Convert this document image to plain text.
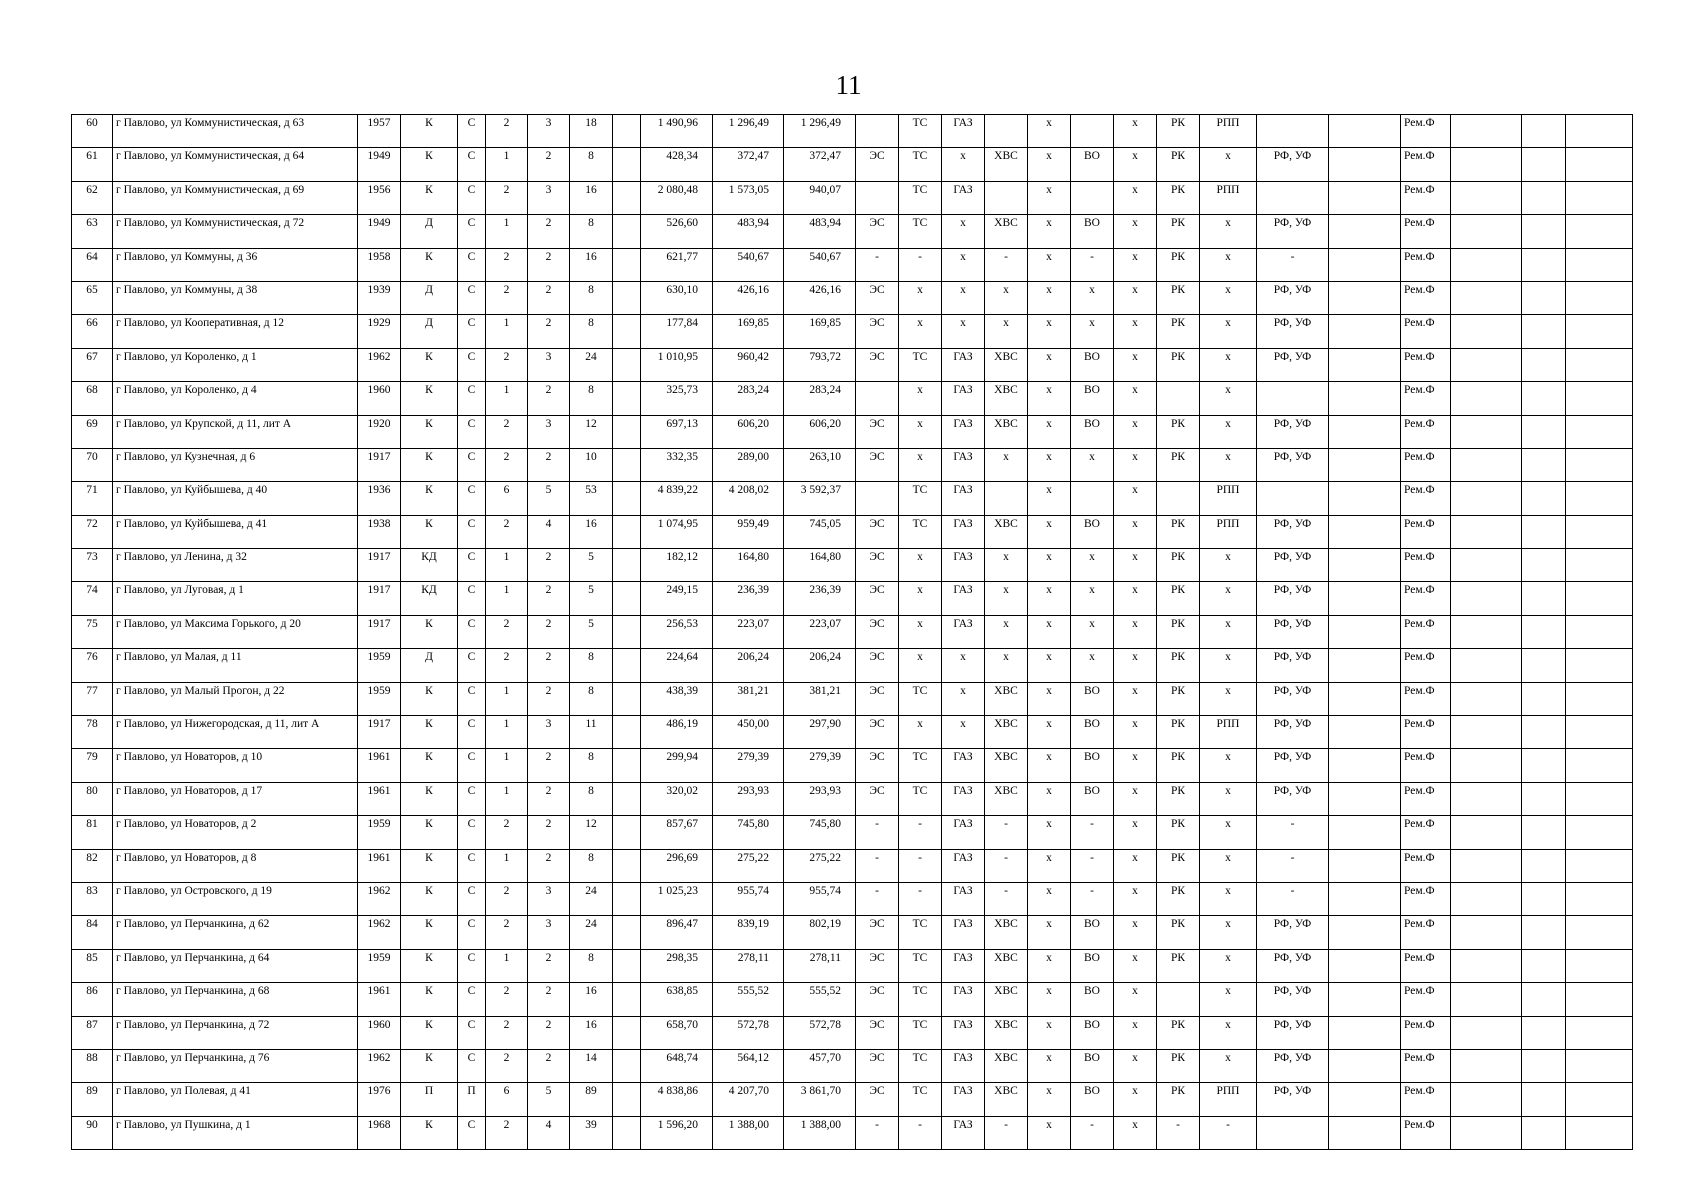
11
60	г Павлово, ул Коммунистическая, д 63	1957	К	С	2	3	18		1 490,96	1 296,49	1 296,49		ТС	ГАЗ		х		х	РК	РПП			Рем.Ф			
61	г Павлово, ул Коммунистическая, д 64	1949	К	С	1	2	8		428,34	372,47	372,47	ЭС	ТС	х	ХВС	х	ВО	х	РК	х	РФ, УФ		Рем.Ф			
62	г Павлово, ул Коммунистическая, д 69	1956	К	С	2	3	16		2 080,48	1 573,05	940,07		ТС	ГАЗ		х		х	РК	РПП			Рем.Ф			
63	г Павлово, ул Коммунистическая, д 72	1949	Д	С	1	2	8		526,60	483,94	483,94	ЭС	ТС	х	ХВС	х	ВО	х	РК	х	РФ, УФ		Рем.Ф			
64	г Павлово, ул Коммуны, д 36	1958	К	С	2	2	16		621,77	540,67	540,67	-	-	х	-	х	-	х	РК	х	-		Рем.Ф			
65	г Павлово, ул Коммуны, д 38	1939	Д	С	2	2	8		630,10	426,16	426,16	ЭС	х	х	х	х	х	х	РК	х	РФ, УФ		Рем.Ф			
66	г Павлово, ул Кооперативная, д 12	1929	Д	С	1	2	8		177,84	169,85	169,85	ЭС	х	х	х	х	х	х	РК	х	РФ, УФ		Рем.Ф			
67	г Павлово, ул Короленко, д 1	1962	К	С	2	3	24		1 010,95	960,42	793,72	ЭС	ТС	ГАЗ	ХВС	х	ВО	х	РК	х	РФ, УФ		Рем.Ф			
68	г Павлово, ул Короленко, д 4	1960	К	С	1	2	8		325,73	283,24	283,24		х	ГАЗ	ХВС	х	ВО	х		х			Рем.Ф			
69	г Павлово, ул Крупской, д 11, лит А	1920	К	С	2	3	12		697,13	606,20	606,20	ЭС	х	ГАЗ	ХВС	х	ВО	х	РК	х	РФ, УФ		Рем.Ф			
70	г Павлово, ул Кузнечная, д 6	1917	К	С	2	2	10		332,35	289,00	263,10	ЭС	х	ГАЗ	х	х	х	х	РК	х	РФ, УФ		Рем.Ф			
71	г Павлово, ул Куйбышева, д 40	1936	К	С	6	5	53		4 839,22	4 208,02	3 592,37		ТС	ГАЗ		х		х		РПП			Рем.Ф			
72	г Павлово, ул Куйбышева, д 41	1938	К	С	2	4	16		1 074,95	959,49	745,05	ЭС	ТС	ГАЗ	ХВС	х	ВО	х	РК	РПП	РФ, УФ		Рем.Ф			
73	г Павлово, ул Ленина, д 32	1917	КД	С	1	2	5		182,12	164,80	164,80	ЭС	х	ГАЗ	х	х	х	х	РК	х	РФ, УФ		Рем.Ф			
74	г Павлово, ул Луговая, д 1	1917	КД	С	1	2	5		249,15	236,39	236,39	ЭС	х	ГАЗ	х	х	х	х	РК	х	РФ, УФ		Рем.Ф			
75	г Павлово, ул Максима Горького, д 20	1917	К	С	2	2	5		256,53	223,07	223,07	ЭС	х	ГАЗ	х	х	х	х	РК	х	РФ, УФ		Рем.Ф			
76	г Павлово, ул Малая, д 11	1959	Д	С	2	2	8		224,64	206,24	206,24	ЭС	х	х	х	х	х	х	РК	х	РФ, УФ		Рем.Ф			
77	г Павлово, ул Малый Прогон, д 22	1959	К	С	1	2	8		438,39	381,21	381,21	ЭС	ТС	х	ХВС	х	ВО	х	РК	х	РФ, УФ		Рем.Ф			
78	г Павлово, ул Нижегородская, д 11, лит А	1917	К	С	1	3	11		486,19	450,00	297,90	ЭС	х	х	ХВС	х	ВО	х	РК	РПП	РФ, УФ		Рем.Ф			
79	г Павлово, ул Новаторов, д 10	1961	К	С	1	2	8		299,94	279,39	279,39	ЭС	ТС	ГАЗ	ХВС	х	ВО	х	РК	х	РФ, УФ		Рем.Ф			
80	г Павлово, ул Новаторов, д 17	1961	К	С	1	2	8		320,02	293,93	293,93	ЭС	ТС	ГАЗ	ХВС	х	ВО	х	РК	х	РФ, УФ		Рем.Ф			
81	г Павлово, ул Новаторов, д 2	1959	К	С	2	2	12		857,67	745,80	745,80	-	-	ГАЗ	-	х	-	х	РК	х	-		Рем.Ф			
82	г Павлово, ул Новаторов, д 8	1961	К	С	1	2	8		296,69	275,22	275,22	-	-	ГАЗ	-	х	-	х	РК	х	-		Рем.Ф			
83	г Павлово, ул Островского, д 19	1962	К	С	2	3	24		1 025,23	955,74	955,74	-	-	ГАЗ	-	х	-	х	РК	х	-		Рем.Ф			
84	г Павлово, ул Перчанкина, д 62	1962	К	С	2	3	24		896,47	839,19	802,19	ЭС	ТС	ГАЗ	ХВС	х	ВО	х	РК	х	РФ, УФ		Рем.Ф			
85	г Павлово, ул Перчанкина, д 64	1959	К	С	1	2	8		298,35	278,11	278,11	ЭС	ТС	ГАЗ	ХВС	х	ВО	х	РК	х	РФ, УФ		Рем.Ф			
86	г Павлово, ул Перчанкина, д 68	1961	К	С	2	2	16		638,85	555,52	555,52	ЭС	ТС	ГАЗ	ХВС	х	ВО	х		х	РФ, УФ		Рем.Ф			
87	г Павлово, ул Перчанкина, д 72	1960	К	С	2	2	16		658,70	572,78	572,78	ЭС	ТС	ГАЗ	ХВС	х	ВО	х	РК	х	РФ, УФ		Рем.Ф			
88	г Павлово, ул Перчанкина, д 76	1962	К	С	2	2	14		648,74	564,12	457,70	ЭС	ТС	ГАЗ	ХВС	х	ВО	х	РК	х	РФ, УФ		Рем.Ф			
89	г Павлово, ул Полевая, д 41	1976	П	П	6	5	89		4 838,86	4 207,70	3 861,70	ЭС	ТС	ГАЗ	ХВС	х	ВО	х	РК	РПП	РФ, УФ		Рем.Ф			
90	г Павлово, ул Пушкина, д 1	1968	К	С	2	4	39		1 596,20	1 388,00	1 388,00	-	-	ГАЗ	-	х	-	х	-	-			Рем.Ф			
